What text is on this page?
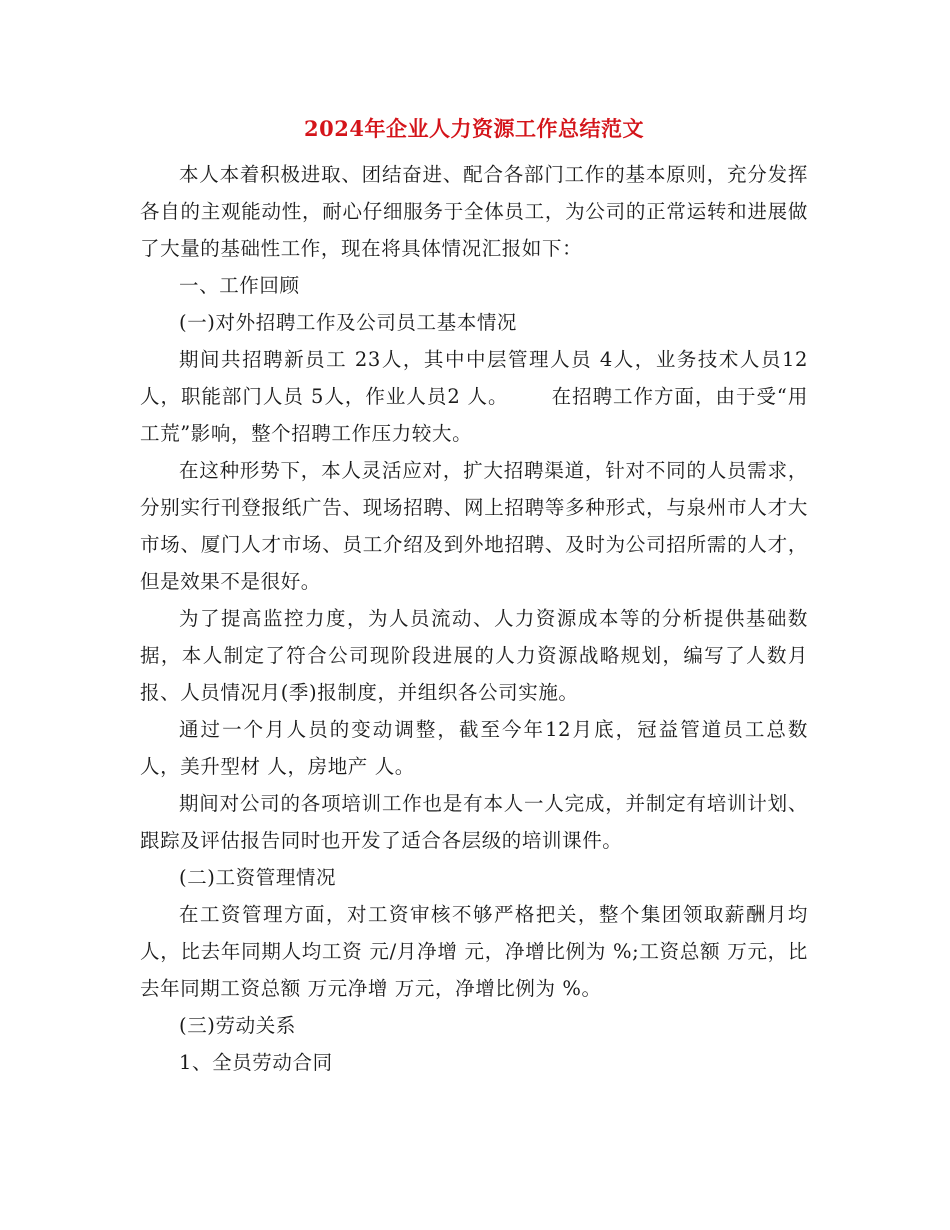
2024年企业人力资源工作总结范文

本人本着积极进取、团结奋进、配合各部门工作的基本原则，充分发挥各自的主观能动性，耐心仔细服务于全体员工，为公司的正常运转和进展做了大量的基础性工作，现在将具体情况汇报如下：

一、工作回顾

(一)对外招聘工作及公司员工基本情况

期间共招聘新员工 23人，其中中层管理人员 4人，业务技术人员12 人，职能部门人员 5人，作业人员2 人。      在招聘工作方面，由于受“用工荒”影响，整个招聘工作压力较大。

在这种形势下，本人灵活应对，扩大招聘渠道，针对不同的人员需求，分别实行刊登报纸广告、现场招聘、网上招聘等多种形式，与泉州市人才大市场、厦门人才市场、员工介绍及到外地招聘、及时为公司招所需的人才，但是效果不是很好。

为了提高监控力度，为人员流动、人力资源成本等的分析提供基础数据，本人制定了符合公司现阶段进展的人力资源战略规划，编写了人数月报、人员情况月(季)报制度，并组织各公司实施。

通过一个月人员的变动调整，截至今年12月底，冠益管道员工总数 人，美升型材 人，房地产 人。

期间对公司的各项培训工作也是有本人一人完成，并制定有培训计划、跟踪及评估报告同时也开发了适合各层级的培训课件。

(二)工资管理情况

在工资管理方面，对工资审核不够严格把关，整个集团领取薪酬月均 人，比去年同期人均工资 元/月净增 元，净增比例为 %;工资总额 万元，比去年同期工资总额 万元净增 万元，净增比例为 %。

(三)劳动关系

1、全员劳动合同
